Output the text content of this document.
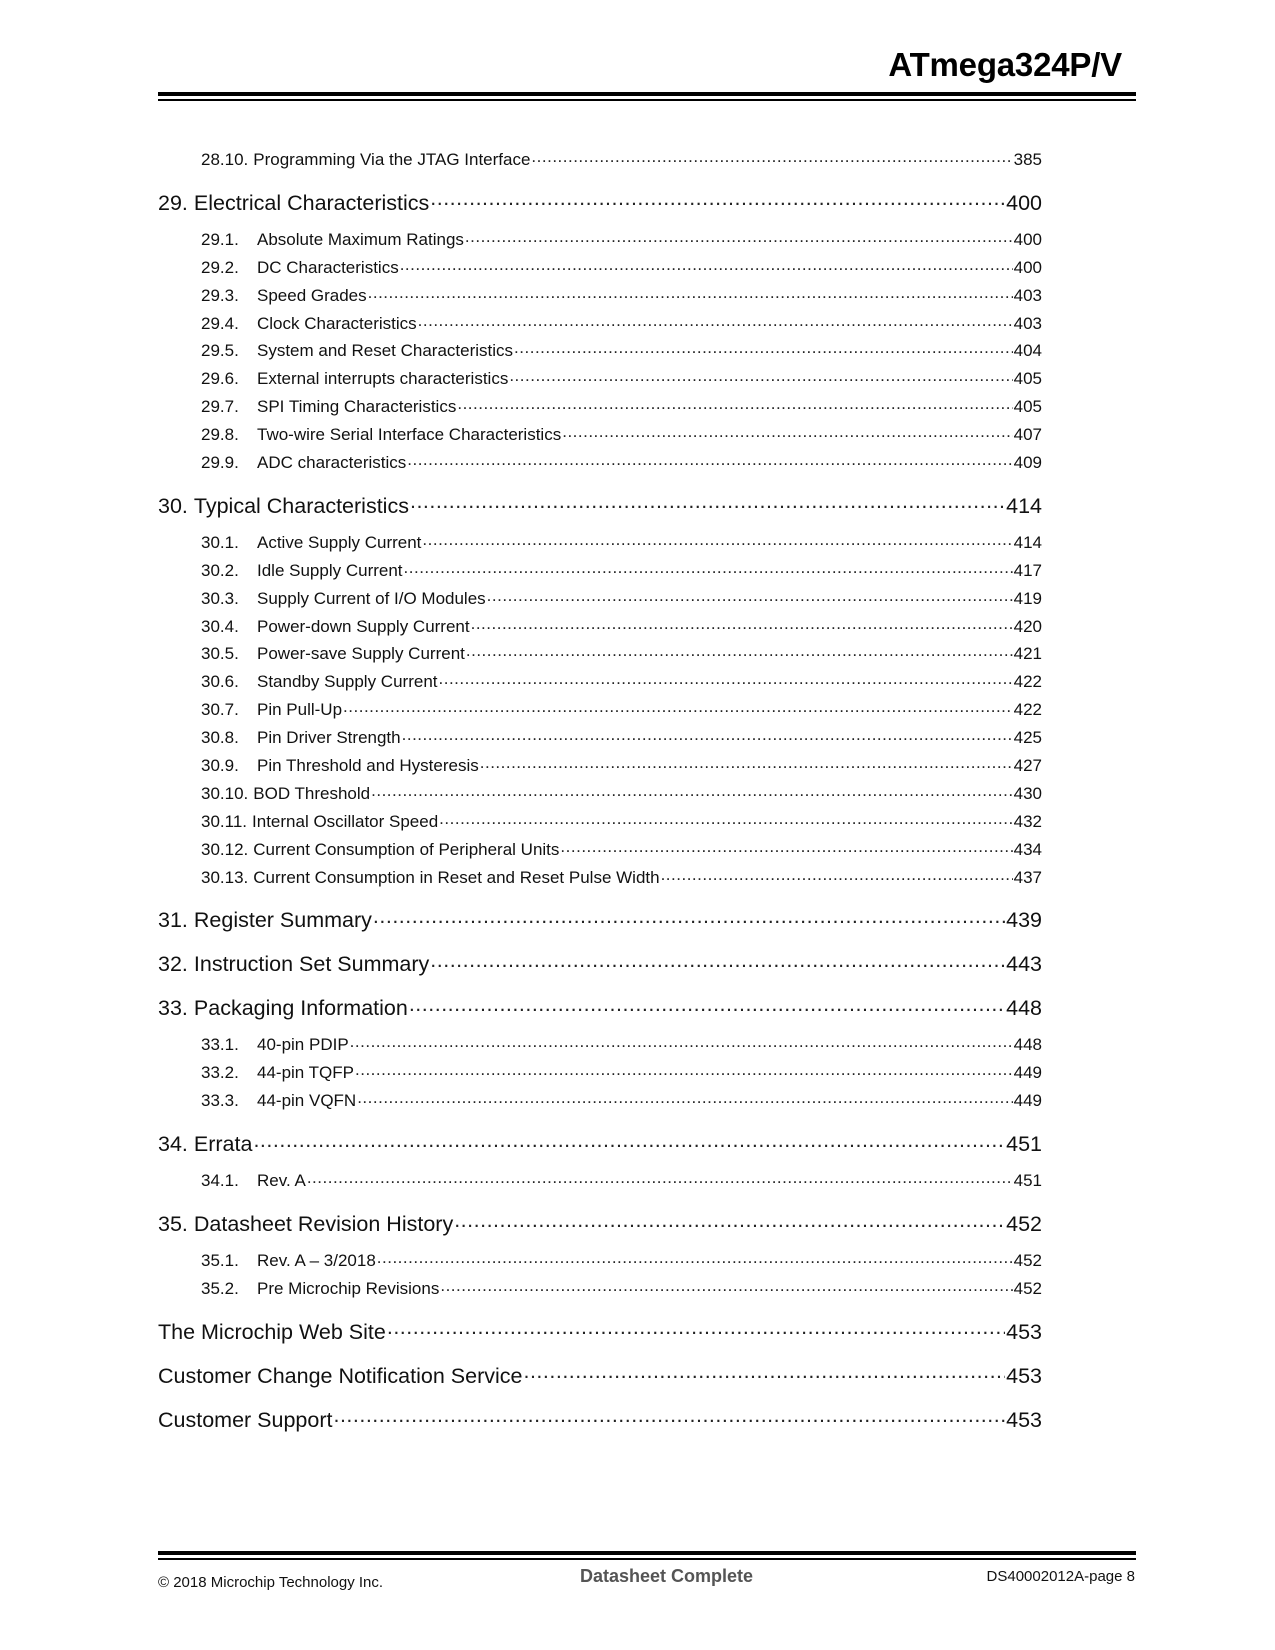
ATmega324P/V
28.10. Programming Via the JTAG Interface .....	385
29. Electrical Characteristics .....	400
29.1. Absolute Maximum Ratings .....	400
29.2. DC Characteristics .....	400
29.3. Speed Grades .....	403
29.4. Clock Characteristics .....	403
29.5. System and Reset Characteristics .....	404
29.6. External interrupts characteristics .....	405
29.7. SPI Timing Characteristics .....	405
29.8. Two-wire Serial Interface Characteristics .....	407
29.9. ADC characteristics .....	409
30. Typical Characteristics .....	414
30.1. Active Supply Current .....	414
30.2. Idle Supply Current .....	417
30.3. Supply Current of I/O Modules .....	419
30.4. Power-down Supply Current .....	420
30.5. Power-save Supply Current .....	421
30.6. Standby Supply Current .....	422
30.7. Pin Pull-Up .....	422
30.8. Pin Driver Strength .....	425
30.9. Pin Threshold and Hysteresis .....	427
30.10. BOD Threshold .....	430
30.11. Internal Oscillator Speed .....	432
30.12. Current Consumption of Peripheral Units .....	434
30.13. Current Consumption in Reset and Reset Pulse Width .....	437
31. Register Summary .....	439
32. Instruction Set Summary .....	443
33. Packaging Information .....	448
33.1. 40-pin PDIP .....	448
33.2. 44-pin TQFP .....	449
33.3. 44-pin VQFN .....	449
34. Errata .....	451
34.1. Rev. A .....	451
35. Datasheet Revision History .....	452
35.1. Rev. A – 3/2018 .....	452
35.2. Pre Microchip Revisions .....	452
The Microchip Web Site .....	453
Customer Change Notification Service .....	453
Customer Support .....	453
© 2018 Microchip Technology Inc.	Datasheet Complete	DS40002012A-page 8
